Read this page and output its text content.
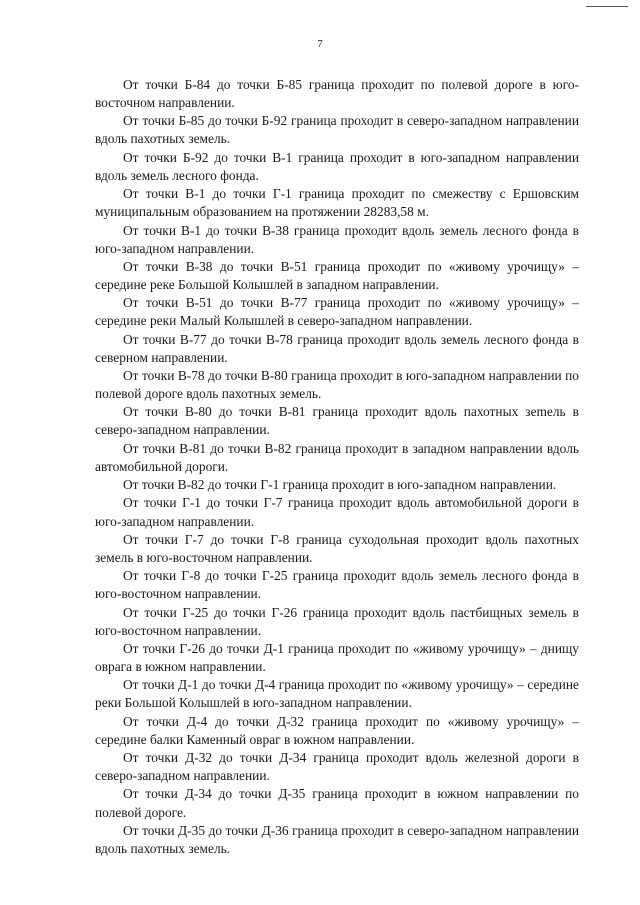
7

От точки Б-84 до точки Б-85 граница проходит по полевой дороге в юго-восточном направлении.

От точки Б-85 до точки Б-92 граница проходит в северо-западном направлении вдоль пахотных земель.

От точки Б-92 до точки В-1 граница проходит в юго-западном направлении вдоль земель лесного фонда.

От точки В-1 до точки Г-1 граница проходит по смежеству с Ершовским муниципальным образованием на протяжении 28283,58 м.

От точки В-1 до точки В-38 граница проходит вдоль земель лесного фонда в юго-западном направлении.

От точки В-38 до точки В-51 граница проходит по «живому урочищу» – середине реке Большой Колышлей в западном направлении.

От точки В-51 до точки В-77 граница проходит по «живому урочищу» – середине реки Малый Колышлей в северо-западном направлении.

От точки В-77 до точки В-78 граница проходит вдоль земель лесного фонда в северном направлении.

От точки В-78 до точки В-80 граница проходит в юго-западном направлении по полевой дороге вдоль пахотных земель.

От точки В-80 до точки В-81 граница проходит вдоль пахотных зеmель в северо-западном направлении.

От точки В-81 до точки В-82 граница проходит в западном направлении вдоль автомобильной дороги.

От точки В-82 до точки Г-1 граница проходит в юго-западном направлении.

От точки Г-1 до точки Г-7 граница проходит вдоль автомобильной дороги в юго-западном направлении.

От точки Г-7 до точки Г-8 граница суходольная проходит вдоль пахотных земель в юго-восточном направлении.

От точки Г-8 до точки Г-25 граница проходит вдоль земель лесного фонда в юго-восточном направлении.

От точки Г-25 до точки Г-26 граница проходит вдоль пастбищных земель в юго-восточном направлении.

От точки Г-26 до точки Д-1 граница проходит по «живому урочищу» – днищу оврага в южном направлении.

От точки Д-1 до точки Д-4 граница проходит по «живому урочищу» – середине реки Большой Колышлей в юго-западном направлении.

От точки Д-4 до точки Д-32 граница проходит по «живому урочищу» – середине балки Каменный овраг в южном направлении.

От точки Д-32 до точки Д-34 граница проходит вдоль железной дороги в северо-западном направлении.

От точки Д-34 до точки Д-35 граница проходит в южном направлении по полевой дороге.

От точки Д-35 до точки Д-36 граница проходит в северо-западном направлении вдоль пахотных земель.
